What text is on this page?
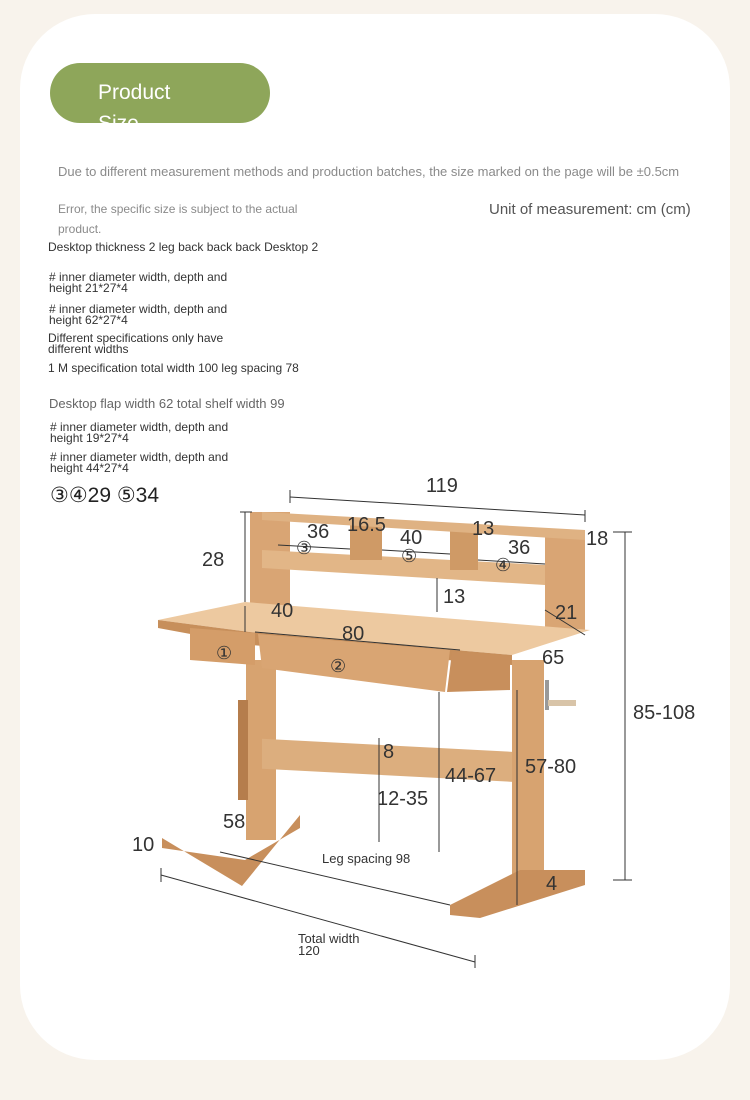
Product Size
Due to different measurement methods and production batches, the size marked on the page will be ±0.5cm
Error, the specific size is subject to the actual
product.
Unit of measurement: cm (cm)
Desktop thickness 2 leg back back back Desktop 2
# inner diameter width, depth and height 21*27*4
# inner diameter width, depth and height 62*27*4
Different specifications only have different widths
1 M specification total width 100 leg spacing 78
Desktop flap width 62 total shelf width 99
# inner diameter width, depth and height 19*27*4
# inner diameter width, depth and height 44*27*4
③④29 ⑤34	119
36 16.5
40 13
36	18
28
40
13
80
21
65
85-108
8
12-35
44-67 57-80
58
10
4
Leg spacing 98
Total width 120
①
②
③
④
⑤
